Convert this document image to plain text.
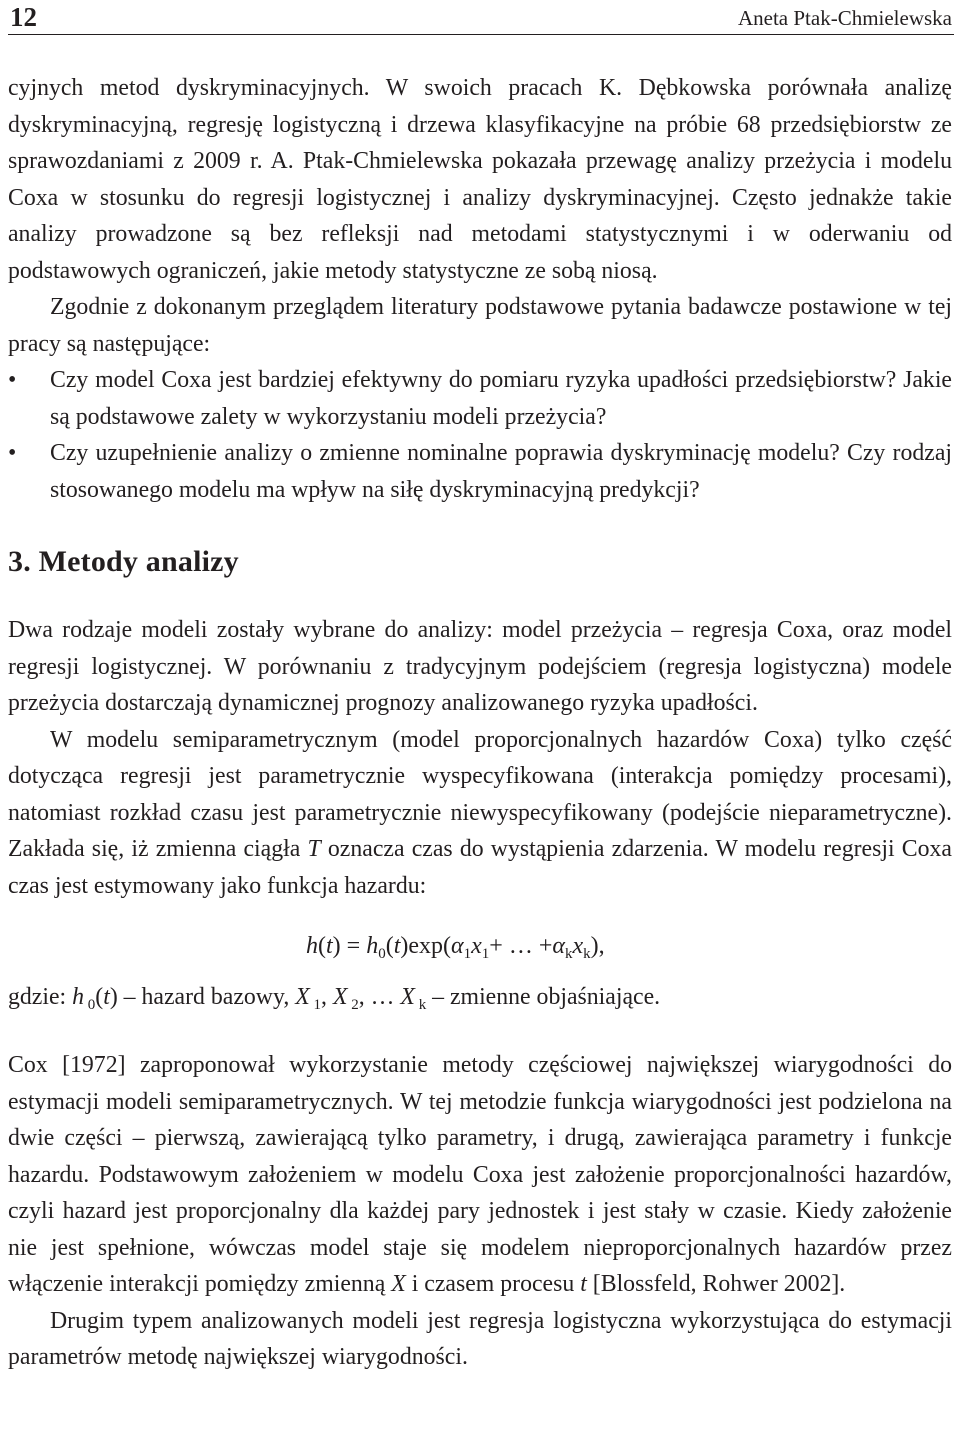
12	Aneta Ptak-Chmielewska

cyjnych metod dyskryminacyjnych. W swoich pracach K. Dębkowska porównała analizę dyskryminacyjną, regresję logistyczną i drzewa klasyfikacyjne na próbie 68 przedsiębiorstw ze sprawozdaniami z 2009 r. A. Ptak-Chmielewska pokazała przewagę analizy przeżycia i modelu Coxa w stosunku do regresji logistycznej i analizy dyskryminacyjnej. Często jednakże takie analizy prowadzone są bez refleksji nad metodami statystycznymi i w oderwaniu od podstawowych ograniczeń, jakie metody statystyczne ze sobą niosą.

Zgodnie z dokonanym przeglądem literatury podstawowe pytania badawcze postawione w tej pracy są następujące:

• Czy model Coxa jest bardziej efektywny do pomiaru ryzyka upadłości przedsiębiorstw? Jakie są podstawowe zalety w wykorzystaniu modeli przeżycia?
• Czy uzupełnienie analizy o zmienne nominalne poprawia dyskryminację modelu? Czy rodzaj stosowanego modelu ma wpływ na siłę dyskryminacyjną predykcji?
3. Metody analizy

Dwa rodzaje modeli zostały wybrane do analizy: model przeżycia – regresja Coxa, oraz model regresji logistycznej. W porównaniu z tradycyjnym podejściem (regresja logistyczna) modele przeżycia dostarczają dynamicznej prognozy analizowanego ryzyka upadłości.

W modelu semiparametrycznym (model proporcjonalnych hazardów Coxa) tylko część dotycząca regresji jest parametrycznie wyspecyfikowana (interakcja pomiędzy procesami), natomiast rozkład czasu jest parametrycznie niewyspecyfikowany (podejście nieparametryczne). Zakłada się, iż zmienna ciągła T oznacza czas do wystąpienia zdarzenia. W modelu regresji Coxa czas jest estymowany jako funkcja hazardu:

$h(t) = h_0(t)\exp(\alpha_1x_1+$ … $+\alpha_kx_k$),
gdzie: h $_0$(t) – hazard bazowy, X $_1$, X $_2$, … X $_k$ – zmienne objaśniające.

Cox [1972] zaproponował wykorzystanie metody częściowej największej wiarygodności do estymacji modeli semiparametrycznych. W tej metodzie funkcja wiarygodności jest podzielona na dwie części – pierwszą, zawierającą tylko parametry, i drugą, zawierająca parametry i funkcje hazardu. Podstawowym założeniem w modelu Coxa jest założenie proporcjonalności hazardów, czyli hazard jest proporcjonalny dla każdej pary jednostek i jest stały w czasie. Kiedy założenie nie jest spełnione, wówczas model staje się modelem nieproporcjonalnych hazardów przez włączenie interakcji pomiędzy zmienną X i czasem procesu t [Blossfeld, Rohwer 2002].

Drugim typem analizowanych modeli jest regresja logistyczna wykorzystująca do estymacji parametrów metodę największej wiarygodności.
